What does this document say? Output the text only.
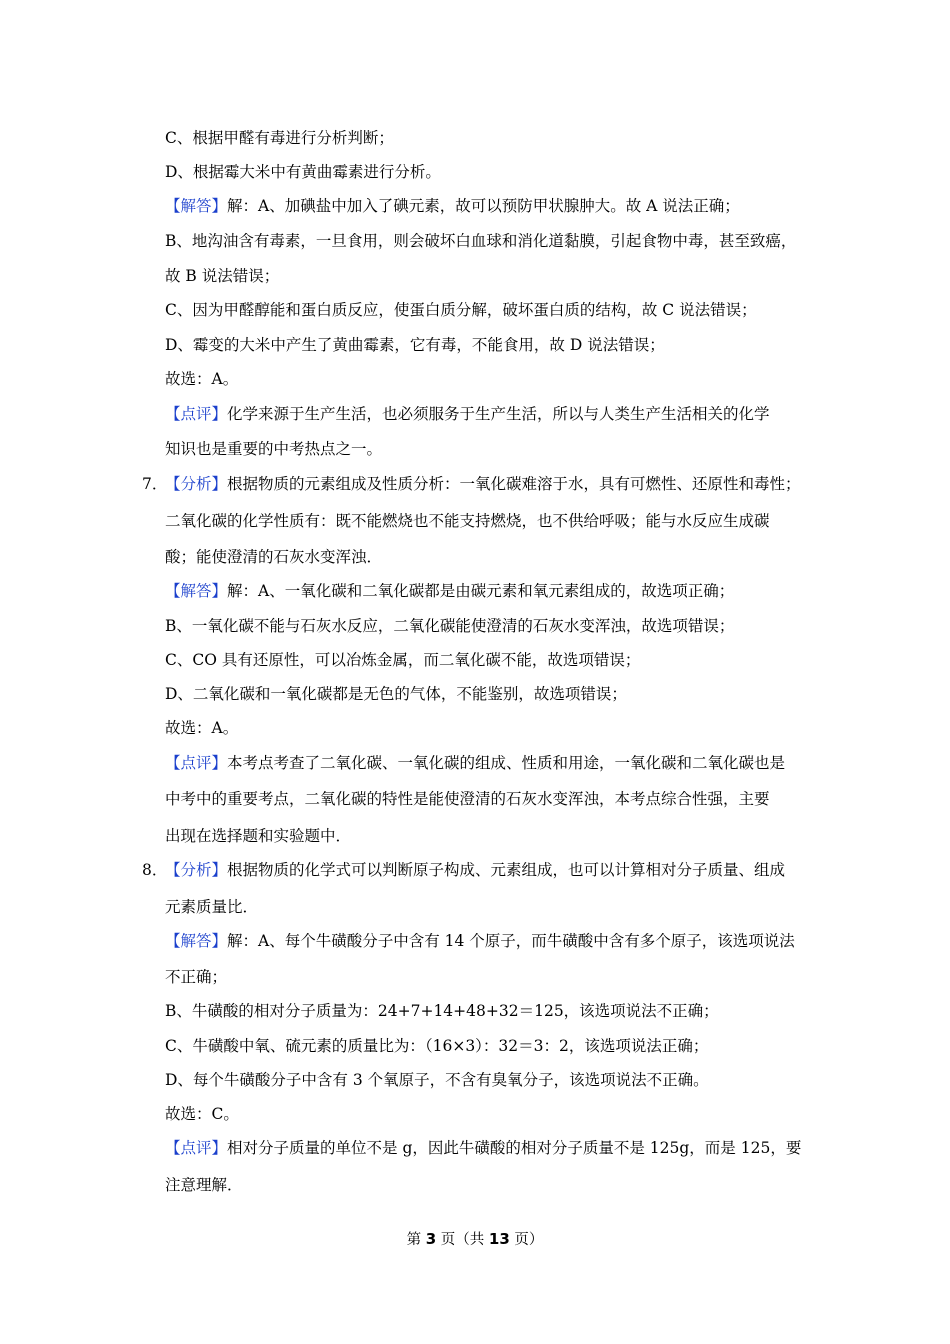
C、根据甲醛有毒进行分析判断；
D、根据霉大米中有黄曲霉素进行分析。
【解答】解：A、加碘盐中加入了碘元素，故可以预防甲状腺肿大。故 A 说法正确；
B、地沟油含有毒素，一旦食用，则会破坏白血球和消化道黏膜，引起食物中毒，甚至致癌，
故 B 说法错误；
C、因为甲醛醇能和蛋白质反应，使蛋白质分解，破坏蛋白质的结构，故 C 说法错误；
D、霉变的大米中产生了黄曲霉素，它有毒，不能食用，故 D 说法错误；
故选：A。
【点评】化学来源于生产生活，也必须服务于生产生活，所以与人类生产生活相关的化学
知识也是重要的中考热点之一。
7．
【分析】根据物质的元素组成及性质分析：一氧化碳难溶于水，具有可燃性、还原性和毒性；
二氧化碳的化学性质有：既不能燃烧也不能支持燃烧，也不供给呼吸；能与水反应生成碳
酸；能使澄清的石灰水变浑浊．
【解答】解：A、一氧化碳和二氧化碳都是由碳元素和氧元素组成的，故选项正确；
B、一氧化碳不能与石灰水反应，二氧化碳能使澄清的石灰水变浑浊，故选项错误；
C、CO 具有还原性，可以冶炼金属，而二氧化碳不能，故选项错误；
D、二氧化碳和一氧化碳都是无色的气体，不能鉴别，故选项错误；
故选：A。
【点评】本考点考查了二氧化碳、一氧化碳的组成、性质和用途，一氧化碳和二氧化碳也是
中考中的重要考点，二氧化碳的特性是能使澄清的石灰水变浑浊，本考点综合性强，主要
出现在选择题和实验题中．
8．
【分析】根据物质的化学式可以判断原子构成、元素组成，也可以计算相对分子质量、组成
元素质量比．
【解答】解：A、每个牛磺酸分子中含有 14 个原子，而牛磺酸中含有多个原子，该选项说法
不正确；
B、牛磺酸的相对分子质量为：24+7+14+48+32＝125，该选项说法不正确；
C、牛磺酸中氧、硫元素的质量比为：（16×3）：32＝3：2，该选项说法正确；
D、每个牛磺酸分子中含有 3 个氧原子，不含有臭氧分子，该选项说法不正确。
故选：C。
【点评】相对分子质量的单位不是 g，因此牛磺酸的相对分子质量不是 125g，而是 125，要
注意理解．
第 3 页（共 13 页）
